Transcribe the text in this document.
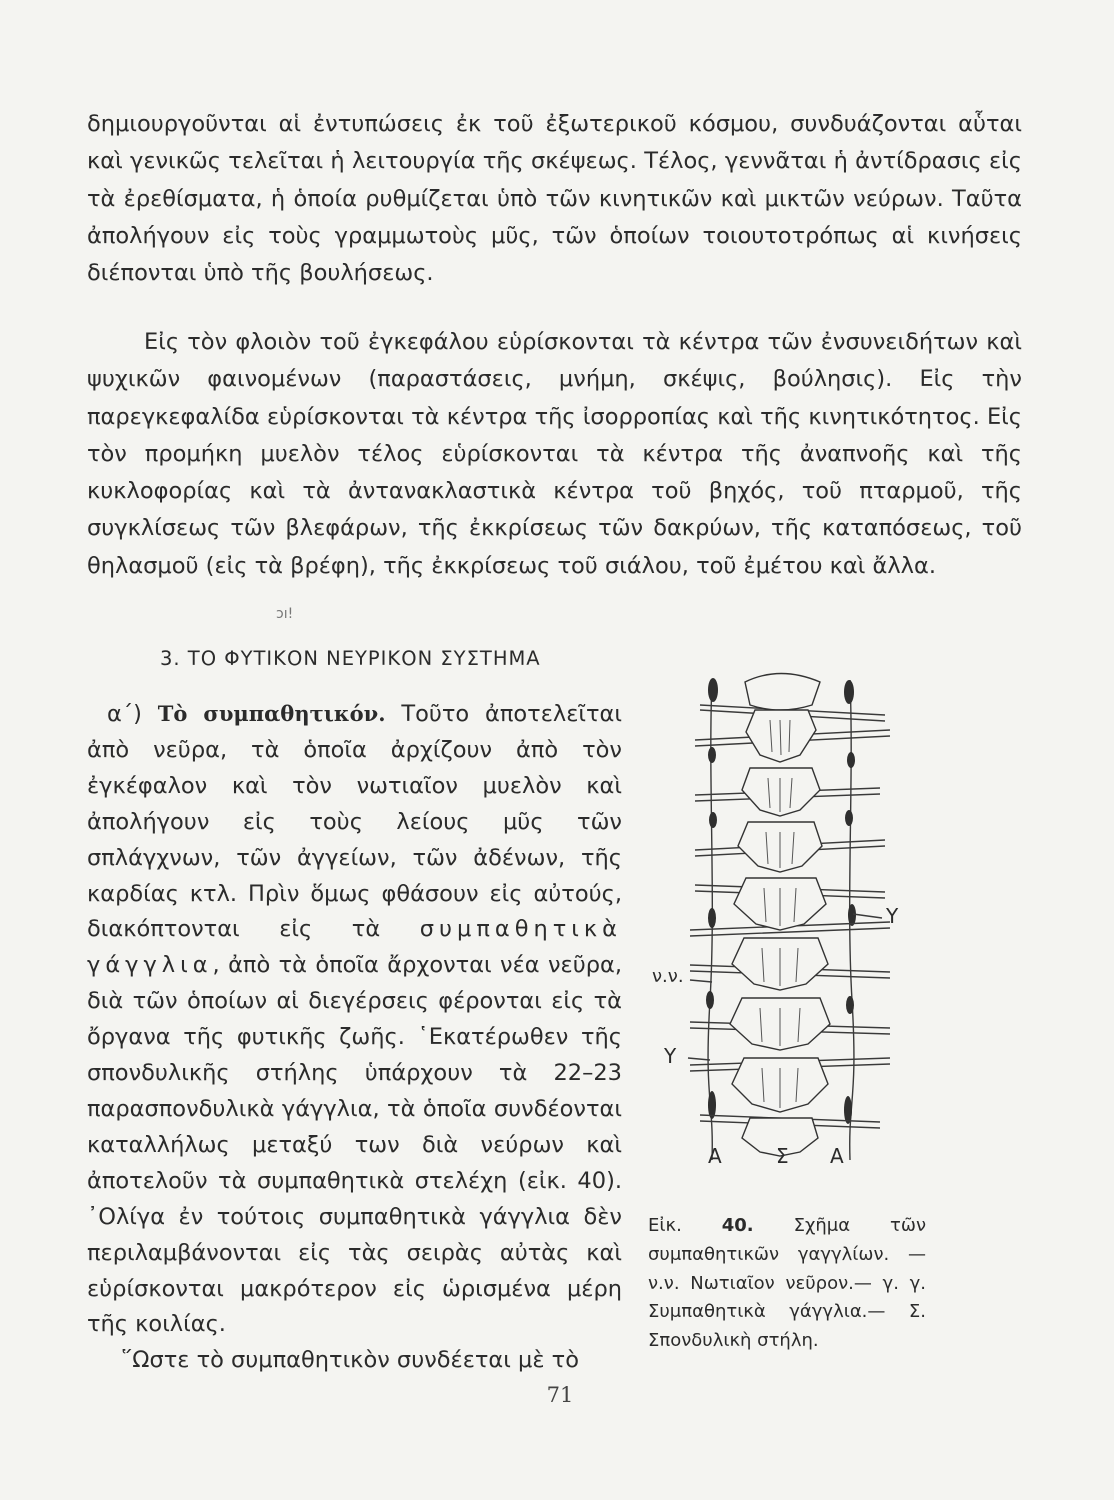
δημιουργοῦνται αἱ ἐντυπώσεις ἐκ τοῦ ἐξωτερικοῦ κόσμου, συνδυάζονται αὗται καὶ γενικῶς τελεῖται ἡ λειτουργία τῆς σκέψεως. Τέλος, γεννᾶται ἡ ἀντίδρασις εἰς τὰ ἐρεθίσματα, ἡ ὁποία ρυθμίζεται ὑπὸ τῶν κινητικῶν καὶ μικτῶν νεύρων. Ταῦτα ἀπολήγουν εἰς τοὺς γραμμωτοὺς μῦς, τῶν ὁποίων τοιουτοτρόπως αἱ κινήσεις διέπονται ὑπὸ τῆς βουλήσεως.

Εἰς τὸν φλοιὸν τοῦ ἐγκεφάλου εὑρίσκονται τὰ κέντρα τῶν ἐνσυνειδήτων καὶ ψυχικῶν φαινομένων (παραστάσεις, μνήμη, σκέψις, βούλησις). Εἰς τὴν παρεγκεφαλίδα εὑρίσκονται τὰ κέντρα τῆς ἰσορροπίας καὶ τῆς κινητικότητος. Εἰς τὸν προμήκη μυελὸν τέλος εὑρίσκονται τὰ κέντρα τῆς ἀναπνοῆς καὶ τῆς κυκλοφορίας καὶ τὰ ἀντανακλαστικὰ κέντρα τοῦ βηχός, τοῦ πταρμοῦ, τῆς συγκλίσεως τῶν βλεφάρων, τῆς ἐκκρίσεως τῶν δακρύων, τῆς καταπόσεως, τοῦ θηλασμοῦ (εἰς τὰ βρέφη), τῆς ἐκκρίσεως τοῦ σιάλου, τοῦ ἐμέτου καὶ ἄλλα.

ɔı!
3. ΤΟ ΦΥΤΙΚΟΝ ΝΕΥΡΙΚΟΝ ΣΥΣΤΗΜΑ

α΄) Τὸ συμπαθητικόν. Τοῦτο ἀποτελεῖται ἀπὸ νεῦρα, τὰ ὁποῖα ἀρχίζουν ἀπὸ τὸν ἐγκέφαλον καὶ τὸν νωτιαῖον μυελὸν καὶ ἀπολήγουν εἰς τοὺς λείους μῦς τῶν σπλάγχνων, τῶν ἀγγείων, τῶν ἀδένων, τῆς καρδίας κτλ. Πρὶν ὅμως φθάσουν εἰς αὐτούς, διακόπτονται εἰς τὰ συμπαθητικὰ γάγγλια, ἀπὸ τὰ ὁποῖα ἄρχονται νέα νεῦρα, διὰ τῶν ὁποίων αἱ διεγέρσεις φέρονται εἰς τὰ ὄργανα τῆς φυτικῆς ζωῆς. ῾Εκατέρωθεν τῆς σπονδυλικῆς στήλης ὑπάρχουν τὰ 22–23 παρασπονδυλικὰ γάγγλια, τὰ ὁποῖα συνδέονται καταλλήλως μεταξύ των διὰ νεύρων καὶ ἀποτελοῦν τὰ συμπαθητικὰ στελέχη (εἰκ. 40). ᾿Ολίγα ἐν τούτοις συμπαθητικὰ γάγγλια δὲν περιλαμβάνονται εἰς τὰς σειρὰς αὐτὰς καὶ εὑρίσκονται μακρότερον εἰς ὡρισμένα μέρη τῆς κοιλίας.
῞Ωστε τὸ συμπαθητικὸν συνδέεται μὲ τὸ

Υ
ν.ν.
Υ
Α	Σ Α

Εἰκ. 40. Σχῆμα τῶν συμπαθητικῶν γαγγλίων. — ν.ν. Νωτιαῖον νεῦρον.— γ. γ. Συμπαθητικὰ γάγγλια.— Σ. Σπονδυλικὴ στήλη.

71
